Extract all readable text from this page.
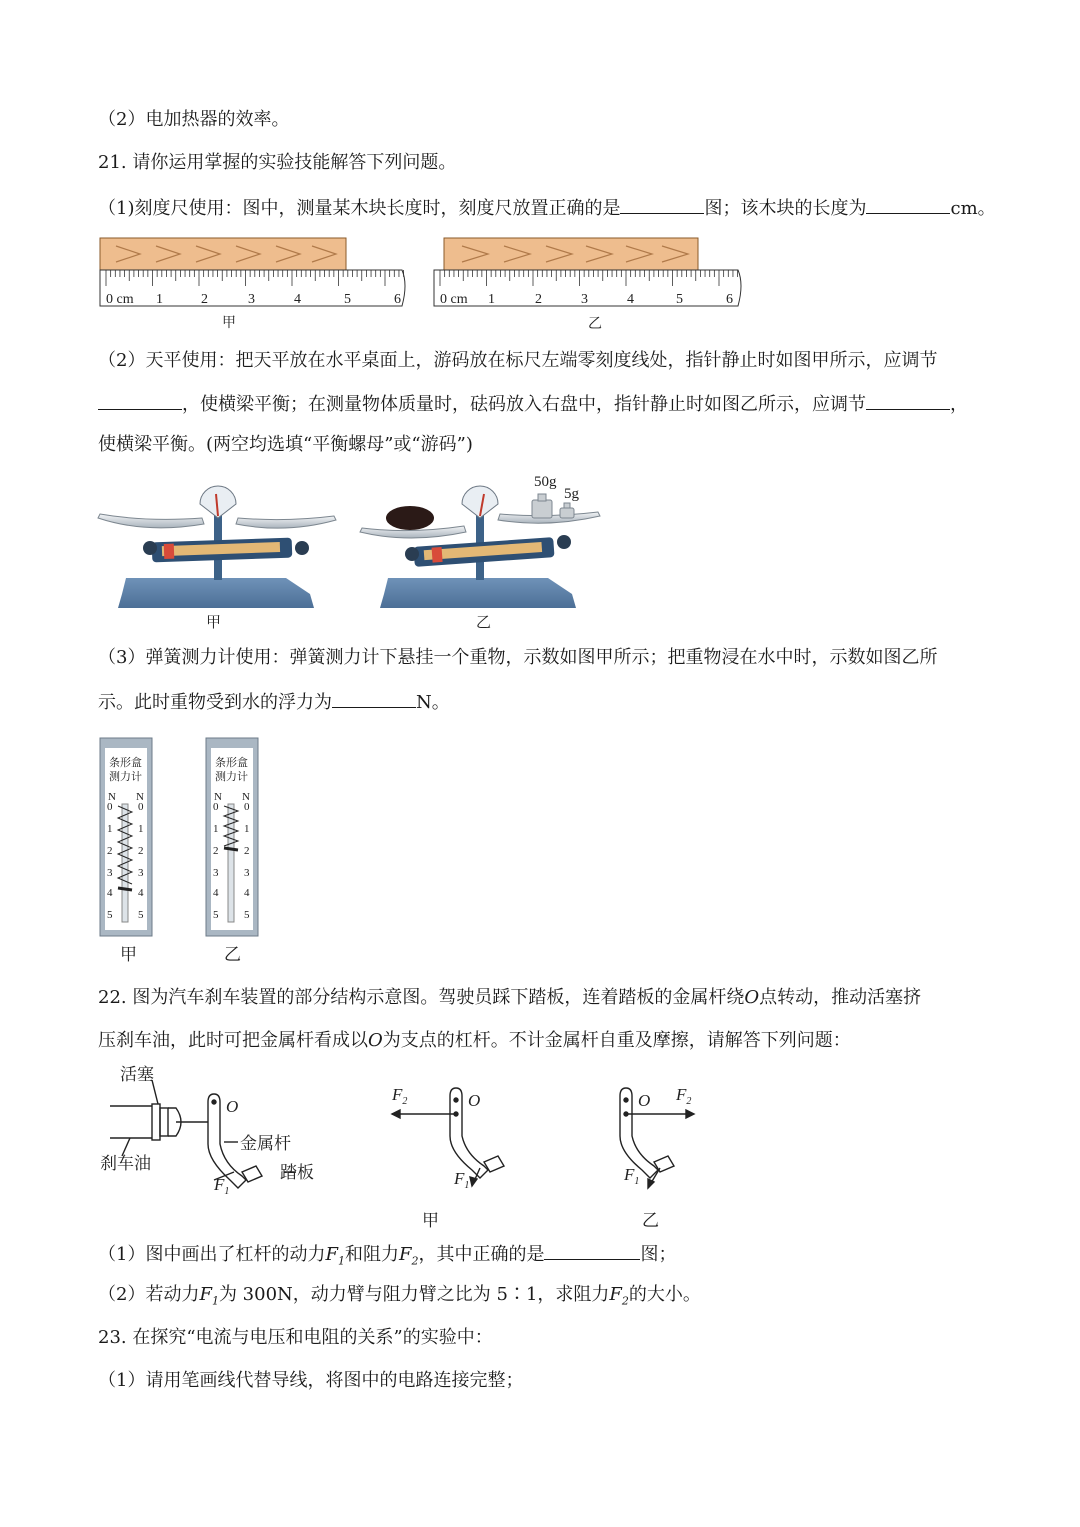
（2）电加热器的效率。
21. 请你运用掌握的实验技能解答下列问题。
（1)刻度尺使用：图中，测量某木块长度时，刻度尺放置正确的是	图；该木块的长度为	cm。
0 cm 1	2	3	4	5	6	0 cm 1	2	3	4	5	6
甲	乙
（2）天平使用：把天平放在水平桌面上，游码放在标尺左端零刻度线处，指针静止时如图甲所示，应调节
，使横梁平衡；在测量物体质量时，砝码放入右盘中，指针静止时如图乙所示，应调节	，
使横梁平衡。(两空均选填“平衡螺母”或“游码”)
50g
5g
甲	乙
（3）弹簧测力计使用：弹簧测力计下悬挂一个重物，示数如图甲所示；把重物浸在水中时，示数如图乙所
示。此时重物受到水的浮力为	N。
条形盒
测力计
条形盒
测力计
N N	N N
0
1
2
3
4
5
0
1
2
3
4
5
0
1
2
3
4
5
0
1
2
3
4
5
甲	乙
22. 图为汽车刹车装置的部分结构示意图。驾驶员踩下踏板，连着踏板的金属杆绕O点转动，推动活塞挤
压刹车油，此时可把金属杆看成以O为支点的杠杆。不计金属杆自重及摩擦，请解答下列问题：
活塞
刹车油
金属杆
踏板
O
$F_1$
$F_2$	O
$F_1$
O $F_2$
$F_1$
甲	乙
（1）图中画出了杠杆的动力$F_1$和阻力$F_2$，其中正确的是	图；
（2）若动力$F_1$为 300N，动力臂与阻力臂之比为 5∶1，求阻力$F_2$的大小。
23. 在探究“电流与电压和电阻的关系”的实验中：
（1）请用笔画线代替导线，将图中的电路连接完整；
